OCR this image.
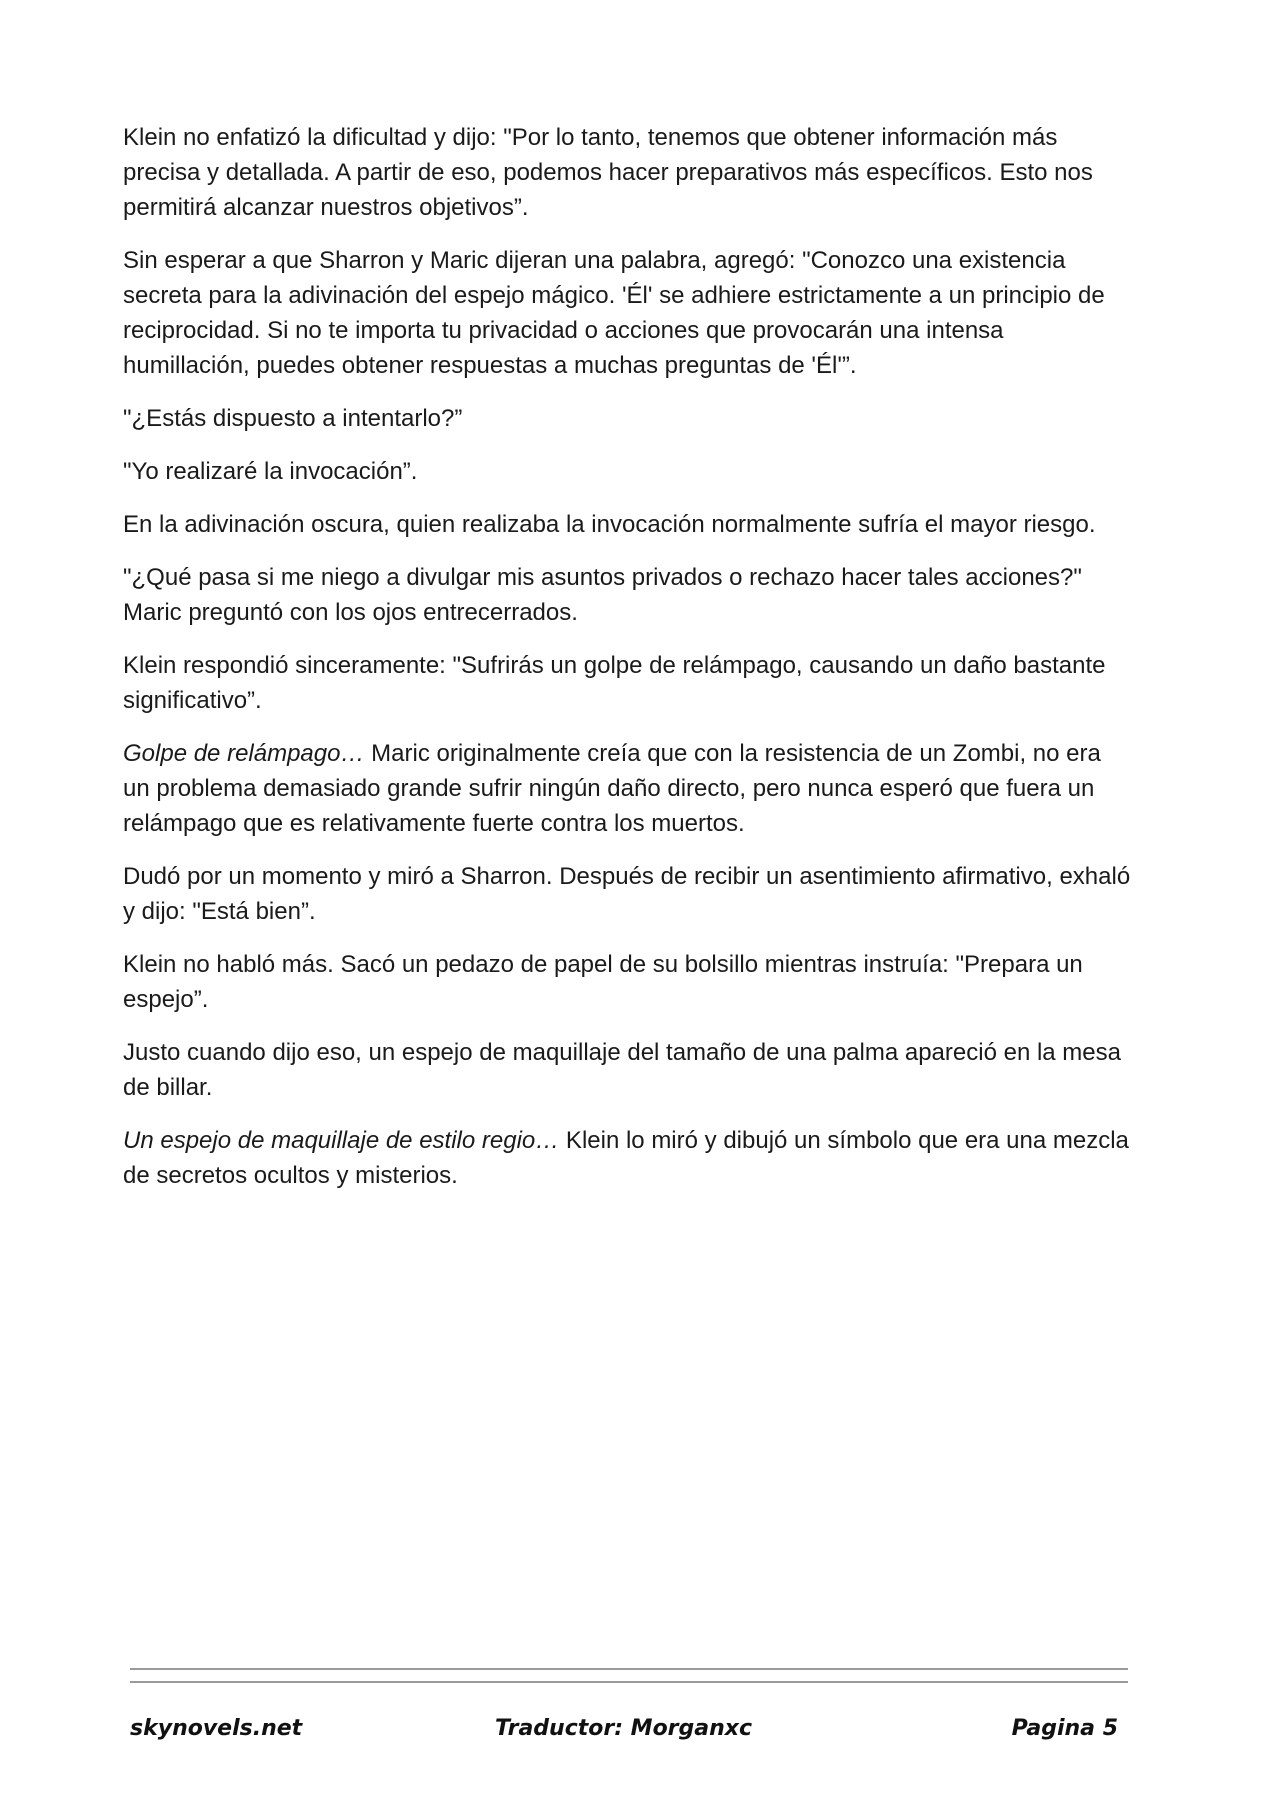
Klein no enfatizó la dificultad y dijo: "Por lo tanto, tenemos que obtener información más precisa y detallada. A partir de eso, podemos hacer preparativos más específicos. Esto nos permitirá alcanzar nuestros objetivos”.

Sin esperar a que Sharron y Maric dijeran una palabra, agregó: "Conozco una existencia secreta para la adivinación del espejo mágico. 'Él' se adhiere estrictamente a un principio de reciprocidad. Si no te importa tu privacidad o acciones que provocarán una intensa humillación, puedes obtener respuestas a muchas preguntas de 'Él'”.

"¿Estás dispuesto a intentarlo?”

"Yo realizaré la invocación”.

En la adivinación oscura, quien realizaba la invocación normalmente sufría el mayor riesgo.

"¿Qué pasa si me niego a divulgar mis asuntos privados o rechazo hacer tales acciones?" Maric preguntó con los ojos entrecerrados.

Klein respondió sinceramente: "Sufrirás un golpe de relámpago, causando un daño bastante significativo”.

Golpe de relámpago… Maric originalmente creía que con la resistencia de un Zombi, no era un problema demasiado grande sufrir ningún daño directo, pero nunca esperó que fuera un relámpago que es relativamente fuerte contra los muertos.

Dudó por un momento y miró a Sharron. Después de recibir un asentimiento afirmativo, exhaló y dijo: "Está bien”.

Klein no habló más. Sacó un pedazo de papel de su bolsillo mientras instruía: "Prepara un espejo”.

Justo cuando dijo eso, un espejo de maquillaje del tamaño de una palma apareció en la mesa de billar.

Un espejo de maquillaje de estilo regio… Klein lo miró y dibujó un símbolo que era una mezcla de secretos ocultos y misterios.

skynovels.net	Traductor: Morganxc	Pagina 5
